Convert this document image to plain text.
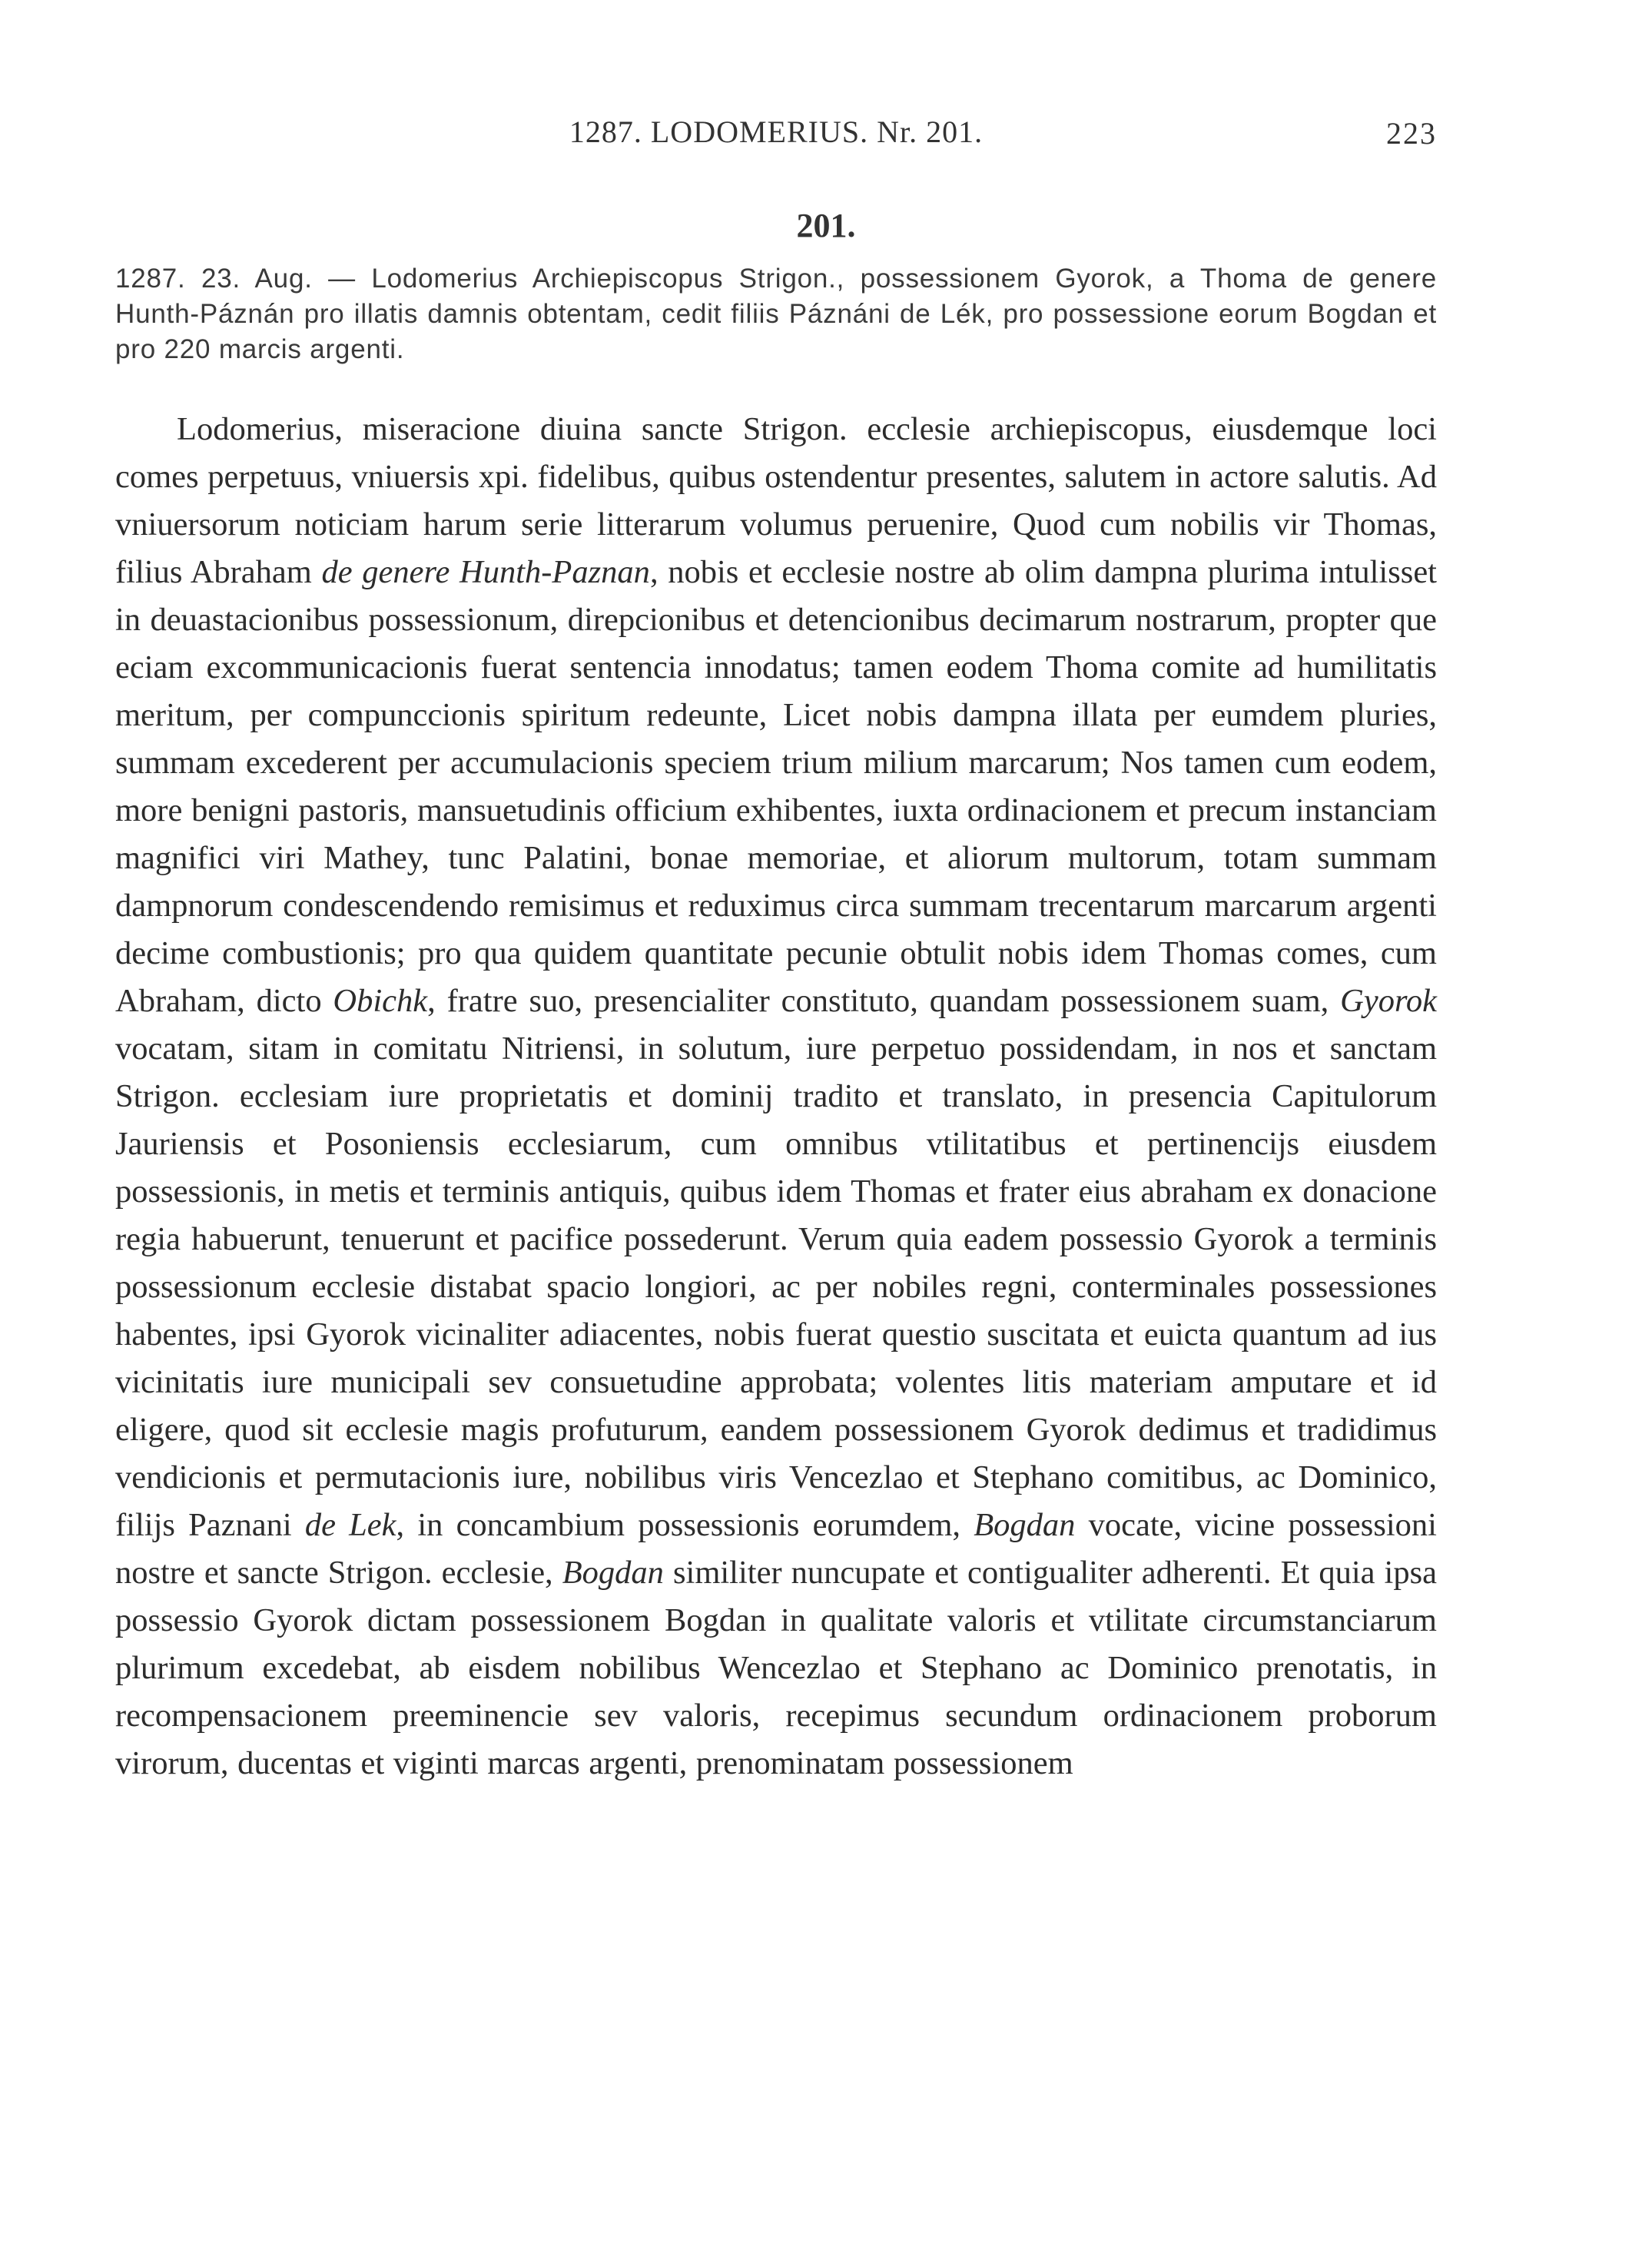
1287. LODOMERIUS. Nr. 201.	223
201.
1287. 23. Aug. — Lodomerius Archiepiscopus Strigon., possessionem Gyorok, a Thoma de genere Hunth-Páznán pro illatis damnis obtentam, cedit filiis Páznáni de Lék, pro possessione eorum Bogdan et pro 220 marcis argenti.

Lodomerius, miseracione diuina sancte Strigon. ecclesie archiepiscopus, eiusdemque loci comes perpetuus, vniuersis xpi. fidelibus, quibus ostendentur presentes, salutem in actore salutis. Ad vniuersorum noticiam harum serie litterarum volumus peruenire, Quod cum nobilis vir Thomas, filius Abraham de genere Hunth-Paznan, nobis et ecclesie nostre ab olim dampna plurima intulisset in deuastacionibus possessionum, direpcionibus et detencionibus decimarum nostrarum, propter que eciam excommunicacionis fuerat sentencia innodatus; tamen eodem Thoma comite ad humilitatis meritum, per compunccionis spiritum redeunte, Licet nobis dampna illata per eumdem pluries, summam excederent per accumulacionis speciem trium milium marcarum; Nos tamen cum eodem, more benigni pastoris, mansuetudinis officium exhibentes, iuxta ordinacionem et precum instanciam magnifici viri Mathey, tunc Palatini, bonae memoriae, et aliorum multorum, totam summam dampnorum condescendendo remisimus et reduximus circa summam trecentarum marcarum argenti decime combustionis; pro qua quidem quantitate pecunie obtulit nobis idem Thomas comes, cum Abraham, dicto Obichk, fratre suo, presencialiter constituto, quandam possessionem suam, Gyorok vocatam, sitam in comitatu Nitriensi, in solutum, iure perpetuo possidendam, in nos et sanctam Strigon. ecclesiam iure proprietatis et dominij tradito et translato, in presencia Capitulorum Jauriensis et Posoniensis ecclesiarum, cum omnibus vtilitatibus et pertinencijs eiusdem possessionis, in metis et terminis antiquis, quibus idem Thomas et frater eius abraham ex donacione regia habuerunt, tenuerunt et pacifice possederunt. Verum quia eadem possessio Gyorok a terminis possessionum ecclesie distabat spacio longiori, ac per nobiles regni, conterminales possessiones habentes, ipsi Gyorok vicinaliter adiacentes, nobis fuerat questio suscitata et euicta quantum ad ius vicinitatis iure municipali sev consuetudine approbata; volentes litis materiam amputare et id eligere, quod sit ecclesie magis profuturum, eandem possessionem Gyorok dedimus et tradidimus vendicionis et permutacionis iure, nobilibus viris Vencezlao et Stephano comitibus, ac Dominico, filijs Paznani de Lek, in concambium possessionis eorumdem, Bogdan vocate, vicine possessioni nostre et sancte Strigon. ecclesie, Bogdan similiter nuncupate et contigualiter adherenti. Et quia ipsa possessio Gyorok dictam possessionem Bogdan in qualitate valoris et vtilitate circumstanciarum plurimum excedebat, ab eisdem nobilibus Wencezlao et Stephano ac Dominico prenotatis, in recompensacionem preeminencie sev valoris, recepimus secundum ordinacionem proborum virorum, ducentas et viginti marcas argenti, prenominatam possessionem
